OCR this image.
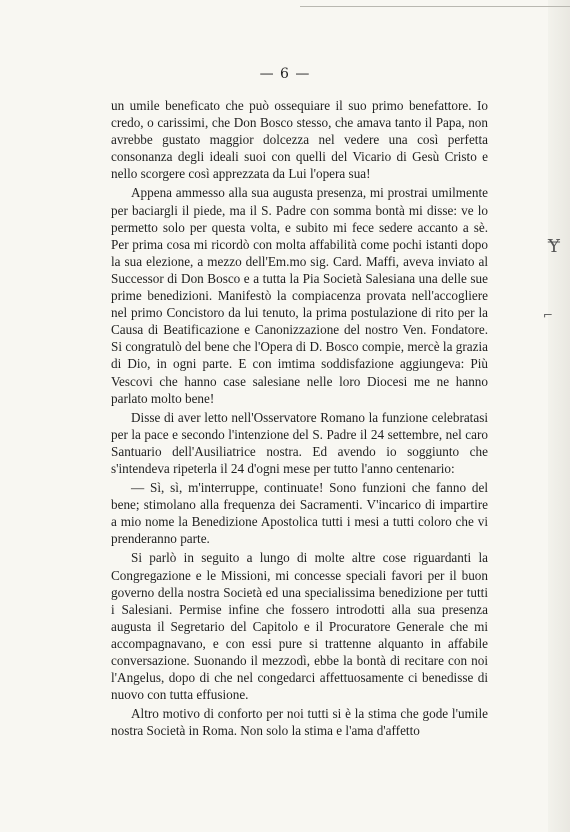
— 6 —

un umile beneficato che può ossequiare il suo primo benefattore. Io credo, o carissimi, che Don Bosco stesso, che amava tanto il Papa, non avrebbe gustato maggior dolcezza nel vedere una così perfetta consonanza degli ideali suoi con quelli del Vicario di Gesù Cristo e nello scorgere così apprezzata da Lui l'opera sua!

Appena ammesso alla sua augusta presenza, mi prostrai umilmente per baciargli il piede, ma il S. Padre con somma bontà mi disse: ve lo permetto solo per questa volta, e subito mi fece sedere accanto a sè. Per prima cosa mi ricordò con molta affabilità come pochi istanti dopo la sua elezione, a mezzo dell'Em.mo sig. Card. Maffi, aveva inviato al Successor di Don Bosco e a tutta la Pia Società Salesiana una delle sue prime benedizioni. Manifestò la compiacenza provata nell'accogliere nel primo Concistoro da lui tenuto, la prima postulazione di rito per la Causa di Beatificazione e Canonizzazione del nostro Ven. Fondatore. Si congratulò del bene che l'Opera di D. Bosco compie, mercè la grazia di Dio, in ogni parte. E con imtima soddisfazione aggiungeva: Più Vescovi che hanno case salesiane nelle loro Diocesi me ne hanno parlato molto bene!

Disse di aver letto nell'Osservatore Romano la funzione celebratasi per la pace e secondo l'intenzione del S. Padre il 24 settembre, nel caro Santuario dell'Ausiliatrice nostra. Ed avendo io soggiunto che s'intendeva ripeterla il 24 d'ogni mese per tutto l'anno centenario:

— Sì, sì, m'interruppe, continuate! Sono funzioni che fanno del bene; stimolano alla frequenza dei Sacramenti. V'incarico di impartire a mio nome la Benedizione Apostolica tutti i mesi a tutti coloro che vi prenderanno parte.

Si parlò in seguito a lungo di molte altre cose riguardanti la Congregazione e le Missioni, mi concesse speciali favori per il buon governo della nostra Società ed una specialissima benedizione per tutti i Salesiani. Permise infine che fossero introdotti alla sua presenza augusta il Segretario del Capitolo e il Procuratore Generale che mi accompagnavano, e con essi pure si trattenne alquanto in affabile conversazione. Suonando il mezzodì, ebbe la bontà di recitare con noi l'Angelus, dopo di che nel congedarci affettuosamente ci benedisse di nuovo con tutta effusione.

Altro motivo di conforto per noi tutti si è la stima che gode l'umile nostra Società in Roma. Non solo la stima e l'ama d'affetto

Ɏ
⌐
